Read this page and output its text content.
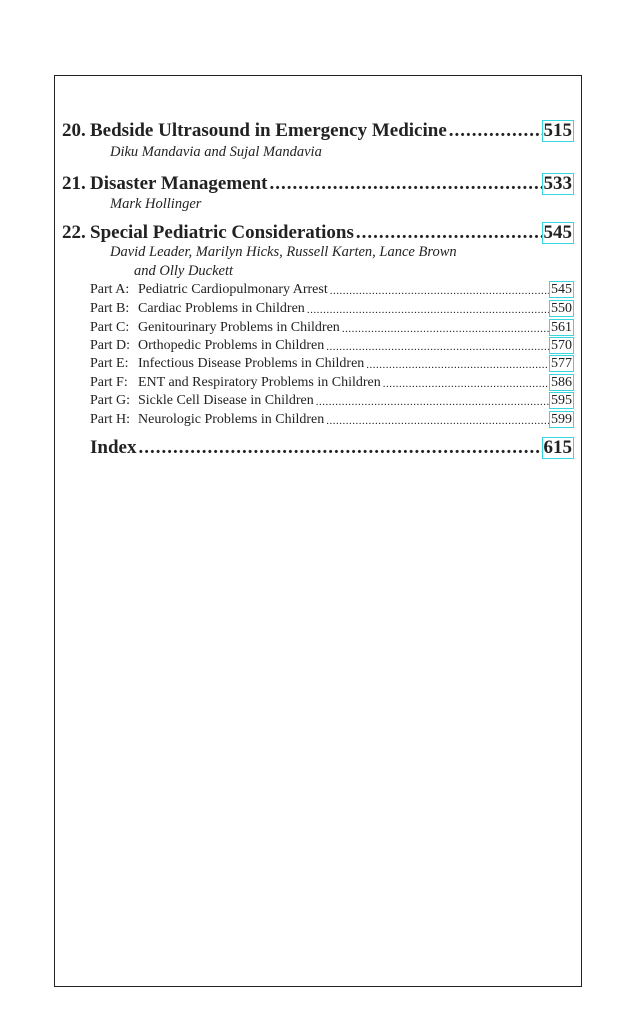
20. Bedside Ultrasound in Emergency Medicine .....	515
Diku Mandavia and Sujal Mandavia
21. Disaster Management .....	533
Mark Hollinger
22. Special Pediatric Considerations .....	545
David Leader, Marilyn Hicks, Russell Karten, Lance Brown
and Olly Duckett
Part A: Pediatric Cardiopulmonary Arrest .....	545
Part B: Cardiac Problems in Children .....	550
Part C: Genitourinary Problems in Children .....	561
Part D: Orthopedic Problems in Children .....	570
Part E: Infectious Disease Problems in Children .....	577
Part F: ENT and Respiratory Problems in Children .....	586
Part G: Sickle Cell Disease in Children .....	595
Part H: Neurologic Problems in Children .....	599
Index .....	615
